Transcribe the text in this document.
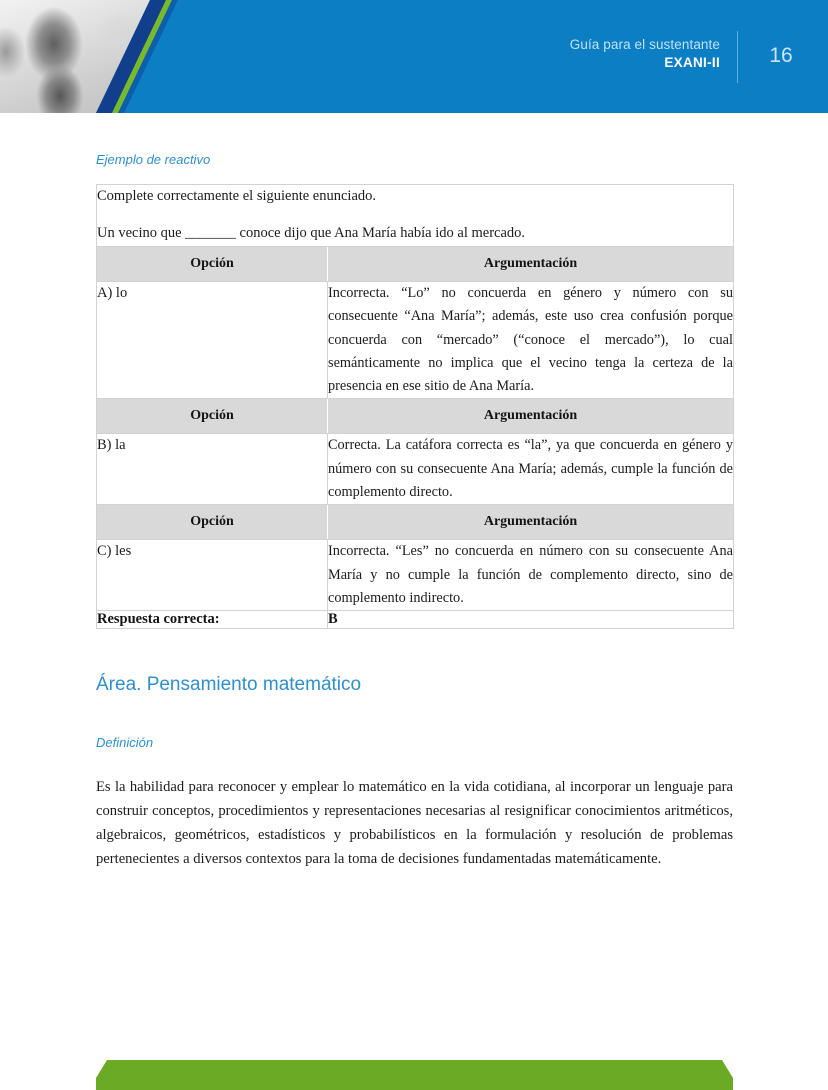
Guía para el sustentante
EXANI-II	16
Ejemplo de reactivo

Complete correctamente el siguiente enunciado.

Un vecino que _______ conoce dijo que Ana María había ido al mercado.	

Opción	Argumentación
A) lo	Incorrecta. “Lo” no concuerda en género y número con su consecuente “Ana María”; además, este uso crea confusión porque concuerda con “mercado” (“conoce el mercado”), lo cual semánticamente no implica que el vecino tenga la certeza de la presencia en ese sitio de Ana María.
Opción	Argumentación
B) la	Correcta. La catáfora correcta es “la”, ya que concuerda en género y número con su consecuente Ana María; además, cumple la función de complemento directo.
Opción	Argumentación
C) les	Incorrecta. “Les” no concuerda en número con su consecuente Ana María y no cumple la función de complemento directo, sino de complemento indirecto.
Respuesta correcta:	B
Área. Pensamiento matemático
Definición

Es la habilidad para reconocer y emplear lo matemático en la vida cotidiana, al incorporar un lenguaje para construir conceptos, procedimientos y representaciones necesarias al resignificar conocimientos aritméticos, algebraicos, geométricos, estadísticos y probabilísticos en la formulación y resolución de problemas pertenecientes a diversos contextos para la toma de decisiones fundamentadas matemáticamente.
